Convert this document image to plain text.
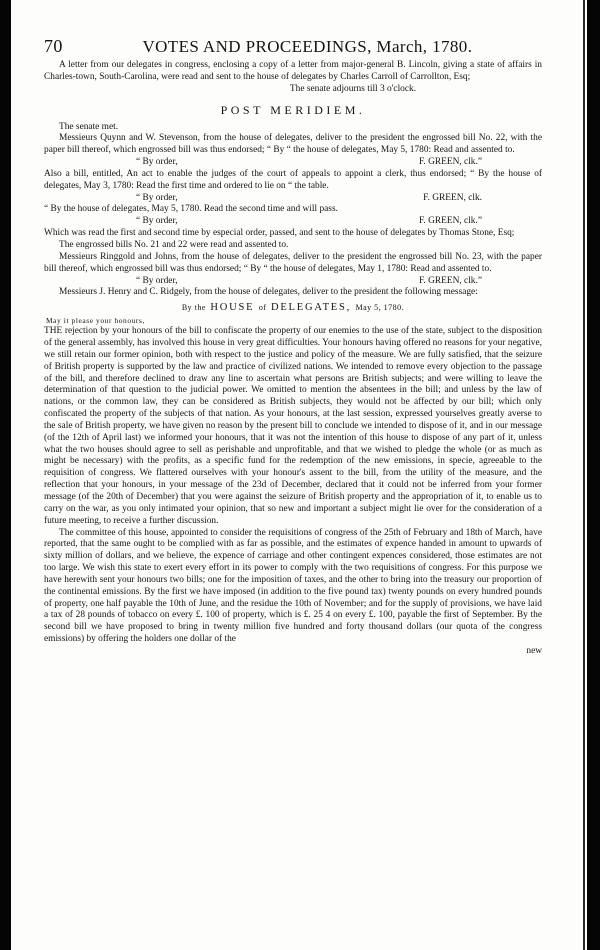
70	VOTES AND PROCEEDINGS, March, 1780.

A letter from our delegates in congress, enclosing a copy of a letter from major-general B. Lincoln, giving a state of affairs in Charles-town, South-Carolina, were read and sent to the house of delegates by Charles Carroll of Carrollton, Esq;

The senate adjourns till 3 o'clock.

POST MERIDIEM.

The senate met.

Messieurs Quynn and W. Stevenson, from the house of delegates, deliver to the president the engrossed bill No. 22, with the paper bill thereof, which engrossed bill was thus endorsed; “ By “ the house of delegates, May 5, 1780: Read and assented to.

“ By order,	F. GREEN, clk.”

Also a bill, entitled, An act to enable the judges of the court of appeals to appoint a clerk, thus endorsed; “ By the house of delegates, May 3, 1780: Read the first time and ordered to lie on “ the table.

“ By order,	F. GREEN, clk.

“ By the house of delegates, May 5, 1780. Read the second time and will pass.

“ By order,	F. GREEN, clk.”

Which was read the first and second time by especial order, passed, and sent to the house of delegates by Thomas Stone, Esq;

The engrossed bills No. 21 and 22 were read and assented to.

Messieurs Ringgold and Johns, from the house of delegates, deliver to the president the engrossed bill No. 23, with the paper bill thereof, which engrossed bill was thus endorsed; “ By “ the house of delegates, May 1, 1780: Read and assented to.

“ By order,	F. GREEN, clk.”

Messieurs J. Henry and C. Ridgely, from the house of delegates, deliver to the president the following message:

By the HOUSE of DELEGATES, May 5, 1780.
May it please your honours,

THE rejection by your honours of the bill to confiscate the property of our enemies to the use of the state, subject to the disposition of the general assembly, has involved this house in very great difficulties. Your honours having offered no reasons for your negative, we still retain our former opinion, both with respect to the justice and policy of the measure. We are fully satisfied, that the seizure of British property is supported by the law and practice of civilized nations. We intended to remove every objection to the passage of the bill, and therefore declined to draw any line to ascertain what persons are British subjects; and were willing to leave the determination of that question to the judicial power. We omitted to mention the absentees in the bill; and unless by the law of nations, or the common law, they can be considered as British subjects, they would not be affected by our bill; which only confiscated the property of the subjects of that nation. As your honours, at the last session, expressed yourselves greatly averse to the sale of British property, we have given no reason by the present bill to conclude we intended to dispose of it, and in our message (of the 12th of April last) we informed your honours, that it was not the intention of this house to dispose of any part of it, unless what the two houses should agree to sell as perishable and unprofitable, and that we wished to pledge the whole (or as much as might be necessary) with the profits, as a specific fund for the redemption of the new emissions, in specie, agreeable to the requisition of congress. We flattered ourselves with your honour's assent to the bill, from the utility of the measure, and the reflection that your honours, in your message of the 23d of December, declared that it could not be inferred from your former message (of the 20th of December) that you were against the seizure of British property and the appropriation of it, to enable us to carry on the war, as you only intimated your opinion, that so new and important a subject might lie over for the consideration of a future meeting, to receive a further discussion.

The committee of this house, appointed to consider the requisitions of congress of the 25th of February and 18th of March, have reported, that the same ought to be complied with as far as possible, and the estimates of expence handed in amount to upwards of sixty million of dollars, and we believe, the expence of carriage and other contingent expences considered, those estimates are not too large. We wish this state to exert every effort in its power to comply with the two requisitions of congress. For this purpose we have herewith sent your honours two bills; one for the imposition of taxes, and the other to bring into the treasury our proportion of the continental emissions. By the first we have imposed (in addition to the five pound tax) twenty pounds on every hundred pounds of property, one half payable the 10th of June, and the residue the 10th of November; and for the supply of provisions, we have laid a tax of 28 pounds of tobacco on every £. 100 of property, which is £. 25 4 on every £. 100, payable the first of September. By the second bill we have proposed to bring in twenty million five hundred and forty thousand dollars (our quota of the congress emissions) by offering the holders one dollar of the

new
